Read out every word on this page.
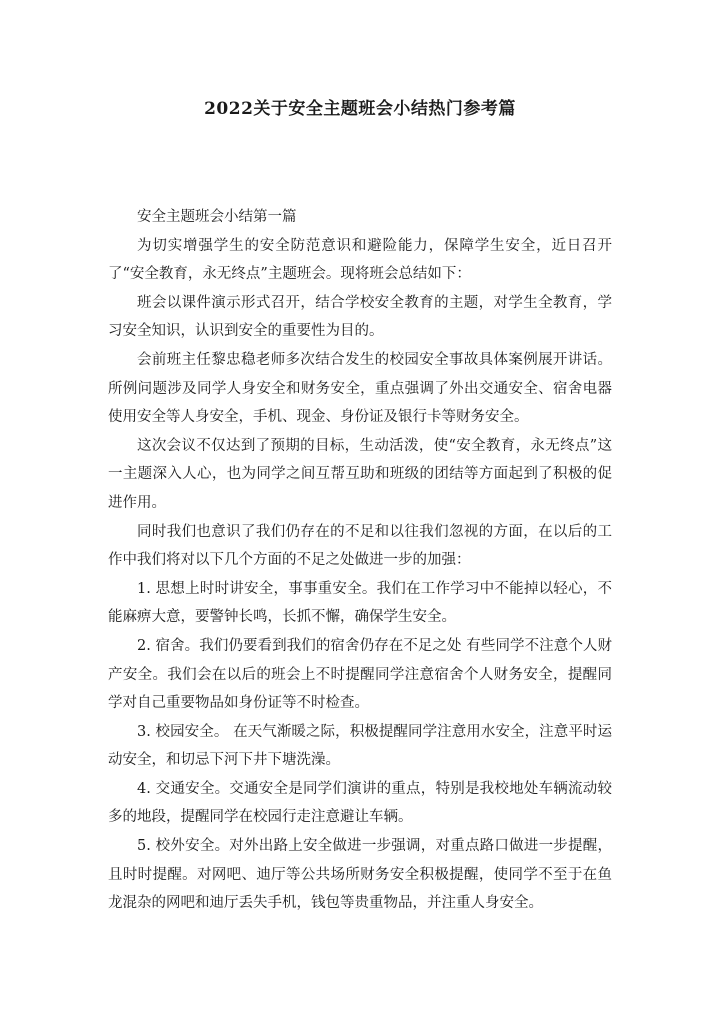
2022关于安全主题班会小结热门参考篇

安全主题班会小结第一篇

为切实增强学生的安全防范意识和避险能力，保障学生安全，近日召开了“安全教育，永无终点”主题班会。现将班会总结如下：

班会以课件演示形式召开，结合学校安全教育的主题，对学生全教育，学习安全知识，认识到安全的重要性为目的。

会前班主任黎忠稳老师多次结合发生的校园安全事故具体案例展开讲话。所例问题涉及同学人身安全和财务安全，重点强调了外出交通安全、宿舍电器使用安全等人身安全，手机、现金、身份证及银行卡等财务安全。

这次会议不仅达到了预期的目标，生动活泼，使“安全教育，永无终点”这一主题深入人心，也为同学之间互帮互助和班级的团结等方面起到了积极的促进作用。

同时我们也意识了我们仍存在的不足和以往我们忽视的方面，在以后的工作中我们将对以下几个方面的不足之处做进一步的加强：

1. 思想上时时讲安全，事事重安全。我们在工作学习中不能掉以轻心，不能麻痹大意，要警钟长鸣，长抓不懈，确保学生安全。

2. 宿舍。我们仍要看到我们的宿舍仍存在不足之处 有些同学不注意个人财产安全。我们会在以后的班会上不时提醒同学注意宿舍个人财务安全，提醒同学对自己重要物品如身份证等不时检查。

3. 校园安全。 在天气渐暖之际，积极提醒同学注意用水安全，注意平时运动安全，和切忌下河下井下塘洗澡。

4. 交通安全。交通安全是同学们演讲的重点，特别是我校地处车辆流动较多的地段，提醒同学在校园行走注意避让车辆。

5. 校外安全。对外出路上安全做进一步强调，对重点路口做进一步提醒，且时时提醒。对网吧、迪厅等公共场所财务安全积极提醒，使同学不至于在鱼龙混杂的网吧和迪厅丢失手机，钱包等贵重物品，并注重人身安全。
